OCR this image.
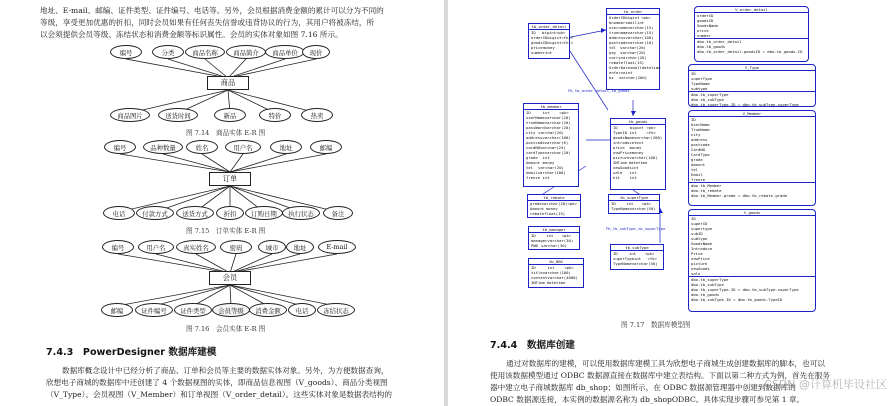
地址、E-mail、邮编、证件类型、证件编号、电话等。另外，会员根据消费金额的累计可以分为不同的
等级，享受更加优惠的折扣，同时会员如果有任何丧失信誉或违背协议的行为，其用户将被冻结，所
以会须提供会员等级、冻结状态和消费金额等标识属性。会员的实体对象如图 7.16 所示。
编号	分类	商品名称	商品简介	商品单价	现价
商品
商品图片	送货时间	新品	特价	热卖
图 7.14　商品实体 E-R 图
编号	品种数量	姓名	用户名	地址	邮编
订单
电话	付款方式	送货方式	折扣	订购日期	执行状态	备注
图 7.15　订单实体 E-R 图
编号	用户名	真实姓名	密码	城市	地址	E-mail
会员
邮编	证件编号	证件类型	会员等级	消费金额	电话	冻结状态
图 7.16　会员实体 E-R 图
7.4.3　PowerDesigner 数据库建模
数据库概念设计中已经分析了商品、订单和会员等主要的数据实体对象。另外，为方便数据查询，
欣想电子商城的数据库中还创建了 4 个数据视图的实体，即商品信息视图（V_goods）、商品分类视图
（V_Type）、会员视图（V_Member）和订单视图（V_order_detail）。这些实体对象是数据表结构的
tb_order_detail
ID	bigint <pk>
orderID bigint <fk2>
goodsID bigint <fk1>
price money
number int
tb_order
OrderID bigint <pk>
bnumber smallint
username varchar(15)
truename varchar(15)
address varchar(100)
postcode varchar(10)
tel	varchar(20)
pay	varchar(20)
carry varchar(20)
rebate float(15)
OrderDate smalldatetime
enforce int
bz	varchar(200)
tb_member
ID	int	<pk>
userName varchar(20)
trueName varchar(20)
passWord varchar(20)
city varchar(20)
address varchar(100)
postcode varchar(6)
cardNO varchar(24)
cardType varchar(20)
grade	int
Amount money
tel	varchar(20)
email varchar(100)
freeze int
tb_goods
ID	bigint <pk>
TypeID int	<fk>
goodsName varchar(200)
introduce text
price	money
nowPrice money
picture varchar(100)
INTime datetime
newGoods int
sale	int
hit	int
tb_rebate
grade varchar(20) <pk>
Amount money
rebate float(15)
tb_superType
ID	int	<pk>
TypeName varchar(50)
tb_manager
ID	int	<pk>
manager varchar(30)
PWD varchar(30)	tb_subType
ID	int	<pk>
superType int	<fk>
TypeName varchar(50)
tb_BBS
ID	int	<pk>
title varchar(100)
content varchar(4000)
INTime datetime
FK_tb_order_detail_tb_goods
FK_tb_subType_tb_superType
V_order_detail
orderID
goodsID
GoodsName
price
number
dbo.tb_order_detail
dbo.tb_goods
dbo.tb_order_detail.goodsID = dbo.tb_goods.ID
V_Type
ID
superType
TypeName
subtype
dbo.tb_superType
dbo.tb_subType
dbo.tb_superType.ID = dbo.tb_subType.superType
V_Member
ID
UserName
TrueName
city
address
postcode
CardNO
CardType
grade
Amount
tel
Email
freeze
dbo.tb_Member
dbo.tb_rebate
dbo.tb_Member.grade = dbo.tb_rebate.grade
V_goods
ID
superID
supertype
subID
subtype
GoodsName
Introduce
Price
nowPrice
picture
newGoods
sale
dbo.tb_superType
dbo.tb_subType
dbo.tb_superType.ID = dbo.tb_subType.superType
dbo.tb_goods
dbo.tb_subType.ID = dbo.tb_goods.TypeID
图 7.17　数据库模型图
7.4.4　数据库创建
通过对数据库的建模，可以使用数据库建模工具为欣想电子商城生成创建数据库的脚本，也可以
使用该数据模型通过 ODBC 数据源直接在数据库中建立表结构。下面以第二种方式为例，首先在服务
器中建立电子商城数据库 db_shop；如图所示，在 ODBC 数据源管理器中创建到数据库的
ODBC 数据源连接，本实例的数据源名称为 db_shopODBC。具体实现步骤可参见第 1 章。
CSDN @计算机毕设社区
